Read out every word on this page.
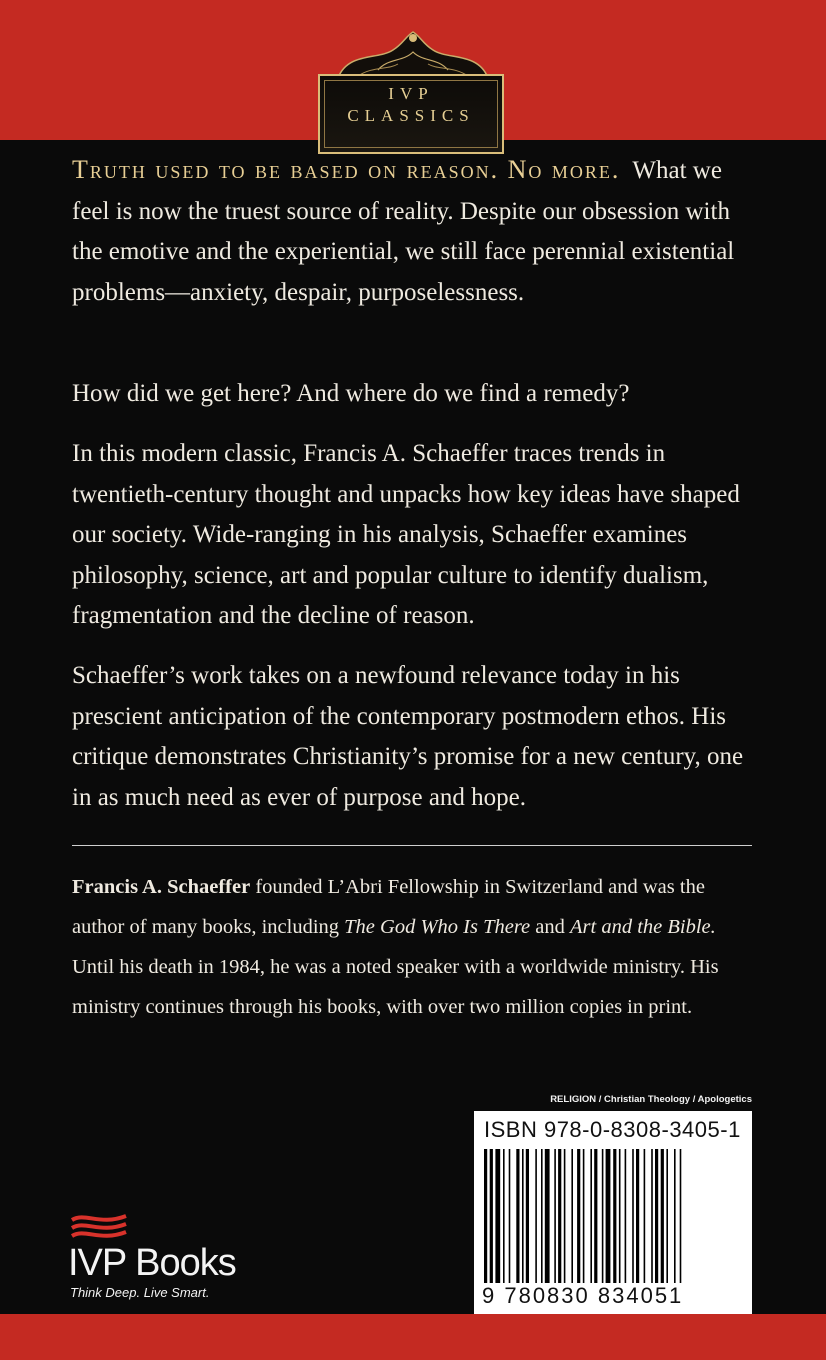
IVP
CLASSICS

Truth used to be based on reason. No more. What we feel is now the truest source of reality. Despite our obsession with the emotive and the experiential, we still face perennial existential problems—anxiety, despair, purposelessness.

How did we get here? And where do we find a remedy?

In this modern classic, Francis A. Schaeffer traces trends in twentieth-century thought and unpacks how key ideas have shaped our society. Wide-ranging in his analysis, Schaeffer examines philosophy, science, art and popular culture to identify dualism, fragmentation and the decline of reason.

Schaeffer’s work takes on a newfound relevance today in his prescient anticipation of the contemporary postmodern ethos. His critique demonstrates Christianity’s promise for a new century, one in as much need as ever of purpose and hope.

Francis A. Schaeffer founded L’Abri Fellowship in Switzerland and was the author of many books, including The God Who Is There and Art and the Bible. Until his death in 1984, he was a noted speaker with a worldwide ministry. His ministry continues through his books, with over two million copies in print.
RELIGION / Christian Theology / Apologetics
ISBN 978-0-8308-3405-1
9 780830 834051
IVP Books
Think Deep. Live Smart.
